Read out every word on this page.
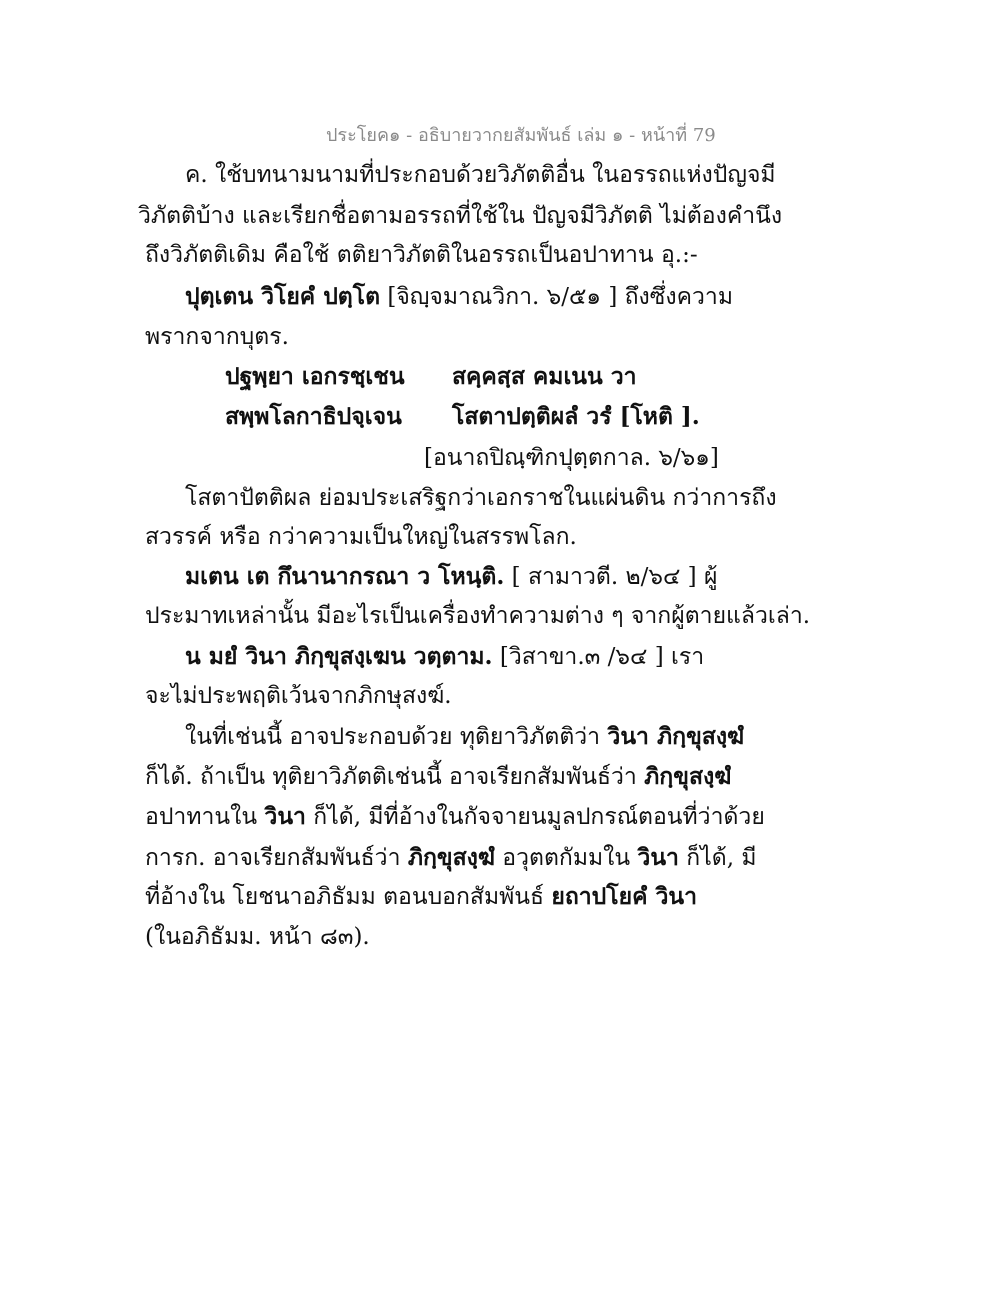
ประโยค๑ - อธิบายวากยสัมพันธ์ เล่ม ๑ - หน้าที่ 79
ค. ใช้บทนามนามที่ประกอบด้วยวิภัตติอื่น ในอรรถแห่งปัญจมี
วิภัตติบ้าง และเรียกชื่อตามอรรถที่ใช้ใน ปัญจมีวิภัตติ ไม่ต้องคำนึง
ถึงวิภัตติเดิม คือใช้ ตติยาวิภัตติในอรรถเป็นอปาทาน อุ.:-
ปุตฺเตน วิโยคํ ปตฺโต [จิญฺจมาณวิกา. ๖/๕๑ ] ถึงซึ่งความ
พรากจากบุตร.
ปฐพฺยา เอกรชฺเชน สคฺคสฺส คมเนน วา
สพฺพโลกาธิปจฺเจน โสตาปตฺติผลํ วรํ [โหติ ].
[อนาถปิณฺฑิกปุตฺตกาล. ๖/๖๑]
โสตาปัตติผล ย่อมประเสริฐกว่าเอกราชในแผ่นดิน กว่าการถึง
สวรรค์ หรือ กว่าความเป็นใหญ่ในสรรพโลก.
มเตน เต กึนานากรณา ว โหนฺติ. [ สามาวตี. ๒/๖๔ ] ผู้
ประมาทเหล่านั้น มีอะไรเป็นเครื่องทำความต่าง ๆ จากผู้ตายแล้วเล่า.
น มยํ วินา ภิกฺขุสงฺเฆน วตฺตาม. [วิสาขา.๓ /๖๔ ] เรา
จะไม่ประพฤติเว้นจากภิกษุสงฆ์.
ในที่เช่นนี้ อาจประกอบด้วย ทุติยาวิภัตติว่า วินา ภิกฺขุสงฺฆํ
ก็ได้. ถ้าเป็น ทุติยาวิภัตติเช่นนี้ อาจเรียกสัมพันธ์ว่า ภิกฺขุสงฺฆํ
อปาทานใน วินา ก็ได้, มีที่อ้างในกัจจายนมูลปกรณ์ตอนที่ว่าด้วย
การก. อาจเรียกสัมพันธ์ว่า ภิกฺขุสงฺฆํ อวุตตกัมมใน วินา ก็ได้, มี
ที่อ้างใน โยชนาอภิธัมม ตอนบอกสัมพันธ์ ยถาปโยคํ วินา
(ในอภิธัมม. หน้า ๘๓).
